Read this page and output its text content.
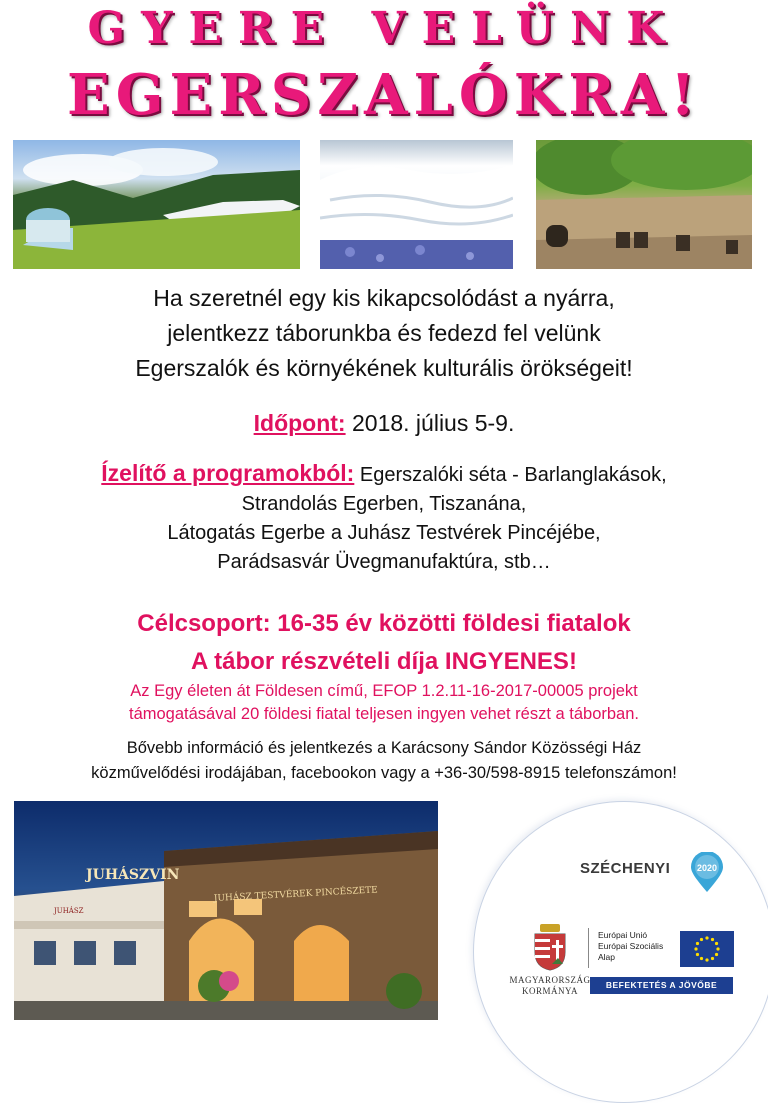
GYERE VELÜNK
EGERSZALÓKRA!
Ha szeretnél egy kis kikapcsolódást a nyárra,
jelentkezz táborunkba és fedezd fel velünk
Egerszalók és környékének kulturális örökségeit!
Időpont: 2018. július 5-9.
Ízelítő a programokból: Egerszalóki séta - Barlanglakások,
Strandolás Egerben, Tiszanána,
Látogatás Egerbe a Juhász Testvérek Pincéjébe,
Parádsasvár Üvegmanufaktúra, stb…
Célcsoport: 16-35 év közötti földesi fiatalok
A tábor részvételi díja INGYENES!
Az Egy életen át Földesen című, EFOP 1.2.11-16-2017-00005 projekt
támogatásával 20 földesi fiatal teljesen ingyen vehet részt a táborban.
Bővebb információ és jelentkezés a Karácsony Sándor Közösségi Ház
közművelődési irodájában, facebookon vagy a +36-30/598-8915 telefonszámon!
JUHÁSZVIN
JUHÁSZ TESTVÉREK PINCÉSZETE
JUHÁSZ
SZÉCHENYI	2020
MAGYARORSZÁG
KORMÁNYA
Európai Unió
Európai Szociális
Alap
BEFEKTETÉS A JÖVŐBE
